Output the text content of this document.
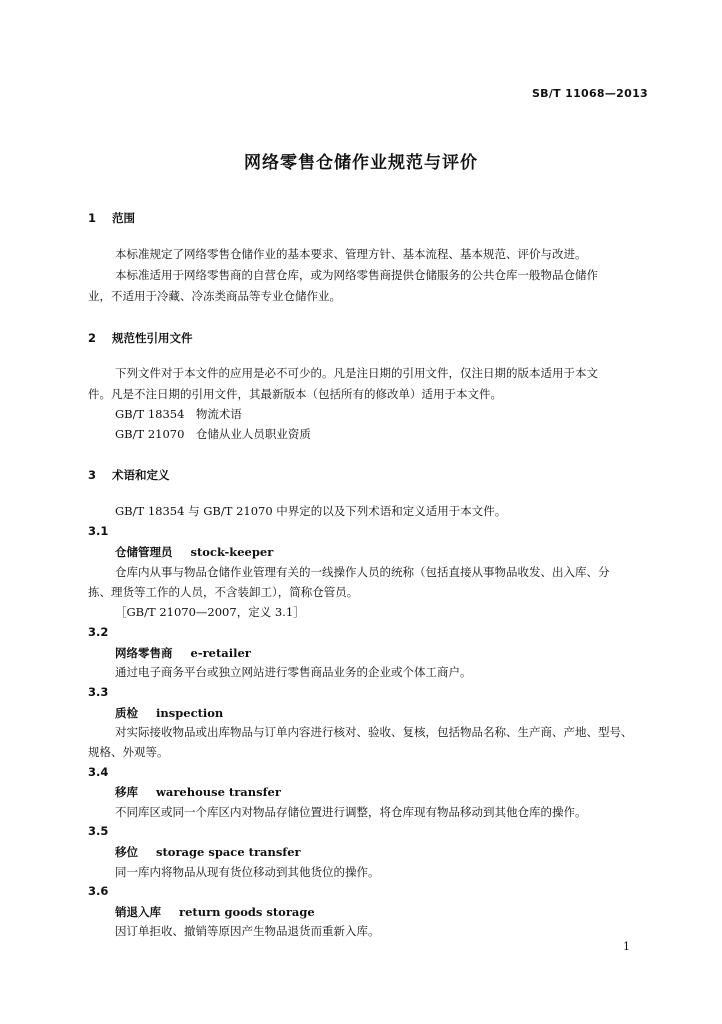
SB/T 11068—2013
网络零售仓储作业规范与评价
1 范围
本标准规定了网络零售仓储作业的基本要求、管理方针、基本流程、基本规范、评价与改进。
本标准适用于网络零售商的自营仓库，或为网络零售商提供仓储服务的公共仓库一般物品仓储作
业，不适用于冷藏、冷冻类商品等专业仓储作业。
2 规范性引用文件
下列文件对于本文件的应用是必不可少的。凡是注日期的引用文件，仅注日期的版本适用于本文
件。凡是不注日期的引用文件，其最新版本（包括所有的修改单）适用于本文件。
GB/T 18354　物流术语
GB/T 21070　仓储从业人员职业资质
3 术语和定义
GB/T 18354 与 GB/T 21070 中界定的以及下列术语和定义适用于本文件。
3.1
仓储管理员 stock-keeper
仓库内从事与物品仓储作业管理有关的一线操作人员的统称（包括直接从事物品收发、出入库、分
拣、理货等工作的人员，不含装卸工），简称仓管员。
［GB/T 21070—2007，定义 3.1］
3.2
网络零售商 e-retailer
通过电子商务平台或独立网站进行零售商品业务的企业或个体工商户。
3.3
质检 inspection
对实际接收物品或出库物品与订单内容进行核对、验收、复核，包括物品名称、生产商、产地、型号、
规格、外观等。
3.4
移库 warehouse transfer
不同库区或同一个库区内对物品存储位置进行调整，将仓库现有物品移动到其他仓库的操作。
3.5
移位 storage space transfer
同一库内将物品从现有货位移动到其他货位的操作。
3.6
销退入库 return goods storage
因订单拒收、撤销等原因产生物品退货而重新入库。
1
